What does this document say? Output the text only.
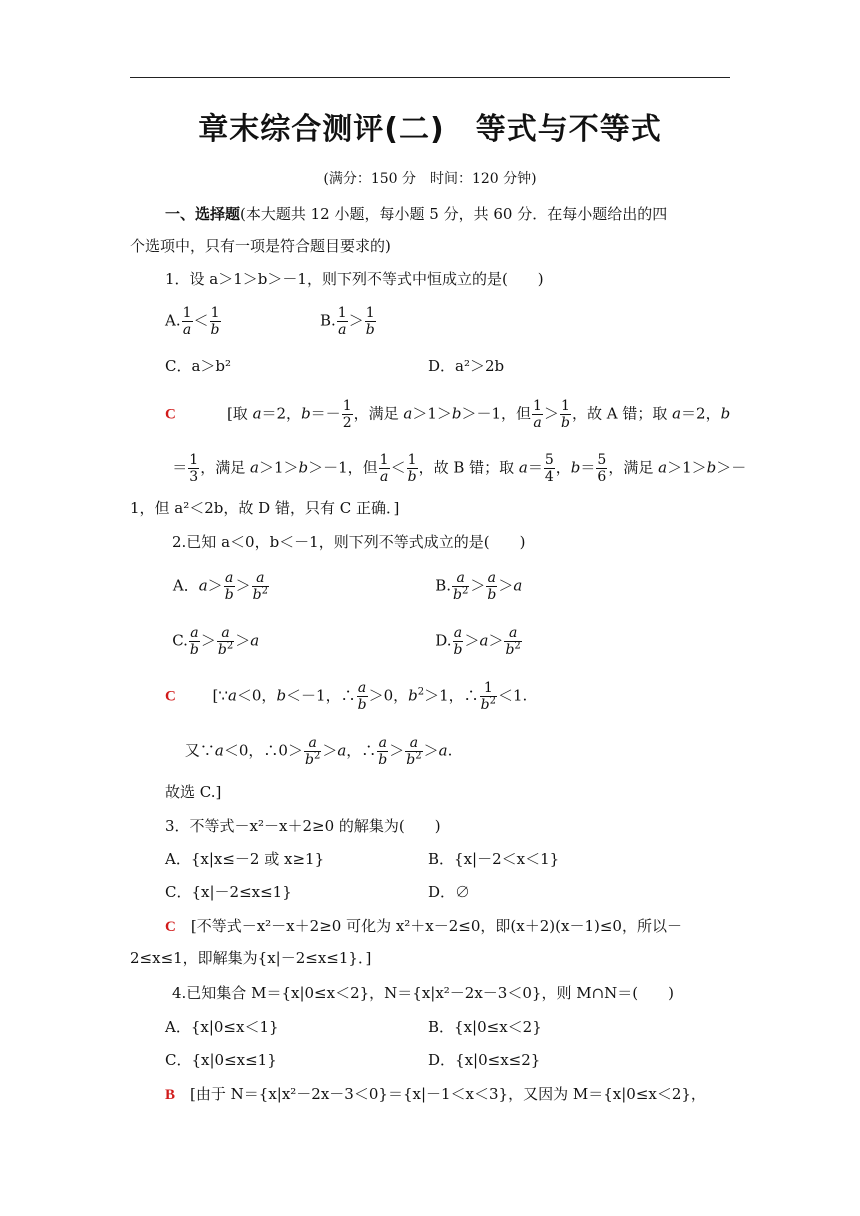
章末综合测评(二)　等式与不等式
(满分：150 分　时间：120 分钟)
一、选择题(本大题共 12 小题，每小题 5 分，共 60 分．在每小题给出的四
个选项中，只有一项是符合题目要求的)
1．设 a＞1＞b＞－1，则下列不等式中恒成立的是(　　)
A. $\frac{1}{a} < \frac{1}{b}$	B. $\frac{1}{a} > \frac{1}{b}$
C．a＞b²	D．a²＞2b
C　	[取 a＝2，$b=- \frac{1}{2}$ ，满足 a＞1＞b＞－1，但 $\frac{1}{a} > \frac{1}{b}$ ，故 A 错；取 a＝2，b
＝ $\frac{1}{3}$ ，满足 a＞1＞b＞－1，但 $\frac{1}{a} < \frac{1}{b}$ ，故 B 错；取 $a= \frac{5}{4}$ ，$b= \frac{5}{6}$ ，满足 a＞1＞b＞－
1，但 a²＜2b，故 D 错，只有 C 正确．]
2.已知 a＜0，b＜－1，则下列不等式成立的是(　　)
A．$a> \frac{a}{b} > \frac{a}{b^2}$	B. $\frac{a}{b^2} > \frac{a}{b} >a$
C. $\frac{a}{b} > \frac{a}{b^2} >a$	D. $\frac{a}{b} >a> \frac{a}{b^2}$
C　 [∵a＜0，b＜－1，∴ $\frac{a}{b} >0$，$b^2>1$，∴ $\frac{1}{b^2} <1$.
又∵a＜0，∴0＞ $\frac{a}{b^2} >a$，∴ $\frac{a}{b} > \frac{a}{b^2} >a$.
故选 C.]
3．不等式－x²－x＋2≥0 的解集为(　　)
A．{x|x≤－2 或 x≥1}	B．{x|－2＜x＜1}
C．{x|－2≤x≤1}	D．∅
C　 [不等式－x²－x＋2≥0 可化为 x²＋x－2≤0，即(x＋2)(x－1)≤0，所以－
2≤x≤1，即解集为{x|－2≤x≤1}．]
4.已知集合 M＝{x|0≤x＜2}，N＝{x|x²－2x－3＜0}，则 M∩N＝(　　)
A．{x|0≤x＜1}	B．{x|0≤x＜2}
C．{x|0≤x≤1}	D．{x|0≤x≤2}
B　 [由于 N＝{x|x²－2x－3＜0}＝{x|－1＜x＜3}，又因为 M＝{x|0≤x＜2}，
